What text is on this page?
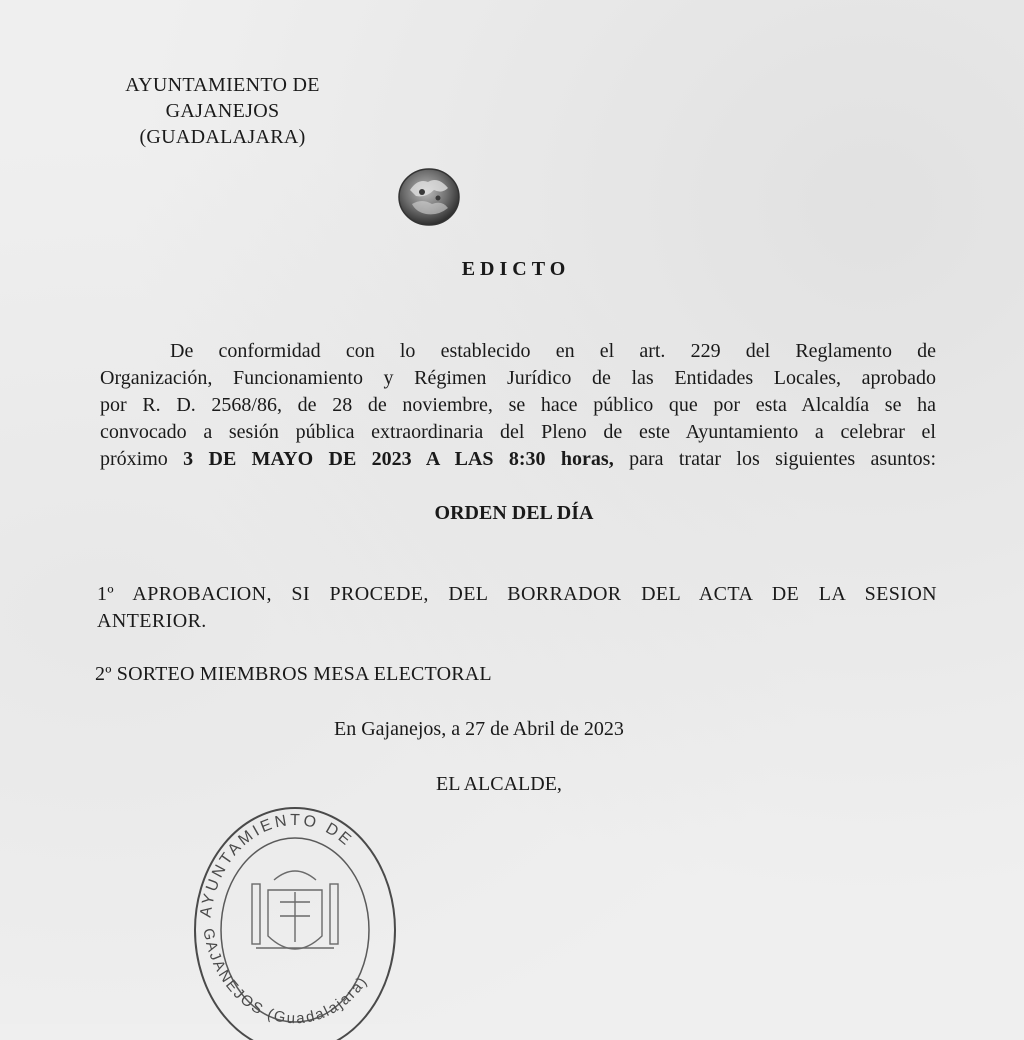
AYUNTAMIENTO DE
GAJANEJOS
(GUADALAJARA)
EDICTO
De conformidad con lo establecido en el art. 229 del Reglamento de
Organización, Funcionamiento y Régimen Jurídico de las Entidades Locales, aprobado
por R. D. 2568/86, de 28 de noviembre, se hace público que por esta Alcaldía se ha
convocado a sesión pública extraordinaria del Pleno de este Ayuntamiento a celebrar el
próximo 3 DE MAYO DE 2023 A LAS 8:30 horas, para tratar los siguientes asuntos:
ORDEN DEL DÍA
1º APROBACION, SI PROCEDE, DEL BORRADOR DEL ACTA DE LA SESION
ANTERIOR.
2º SORTEO MIEMBROS MESA ELECTORAL
En Gajanejos, a 27 de Abril de 2023
EL ALCALDE,
AYUNTAMIENTO DE
GAJANEJOS (Guadalajara)
